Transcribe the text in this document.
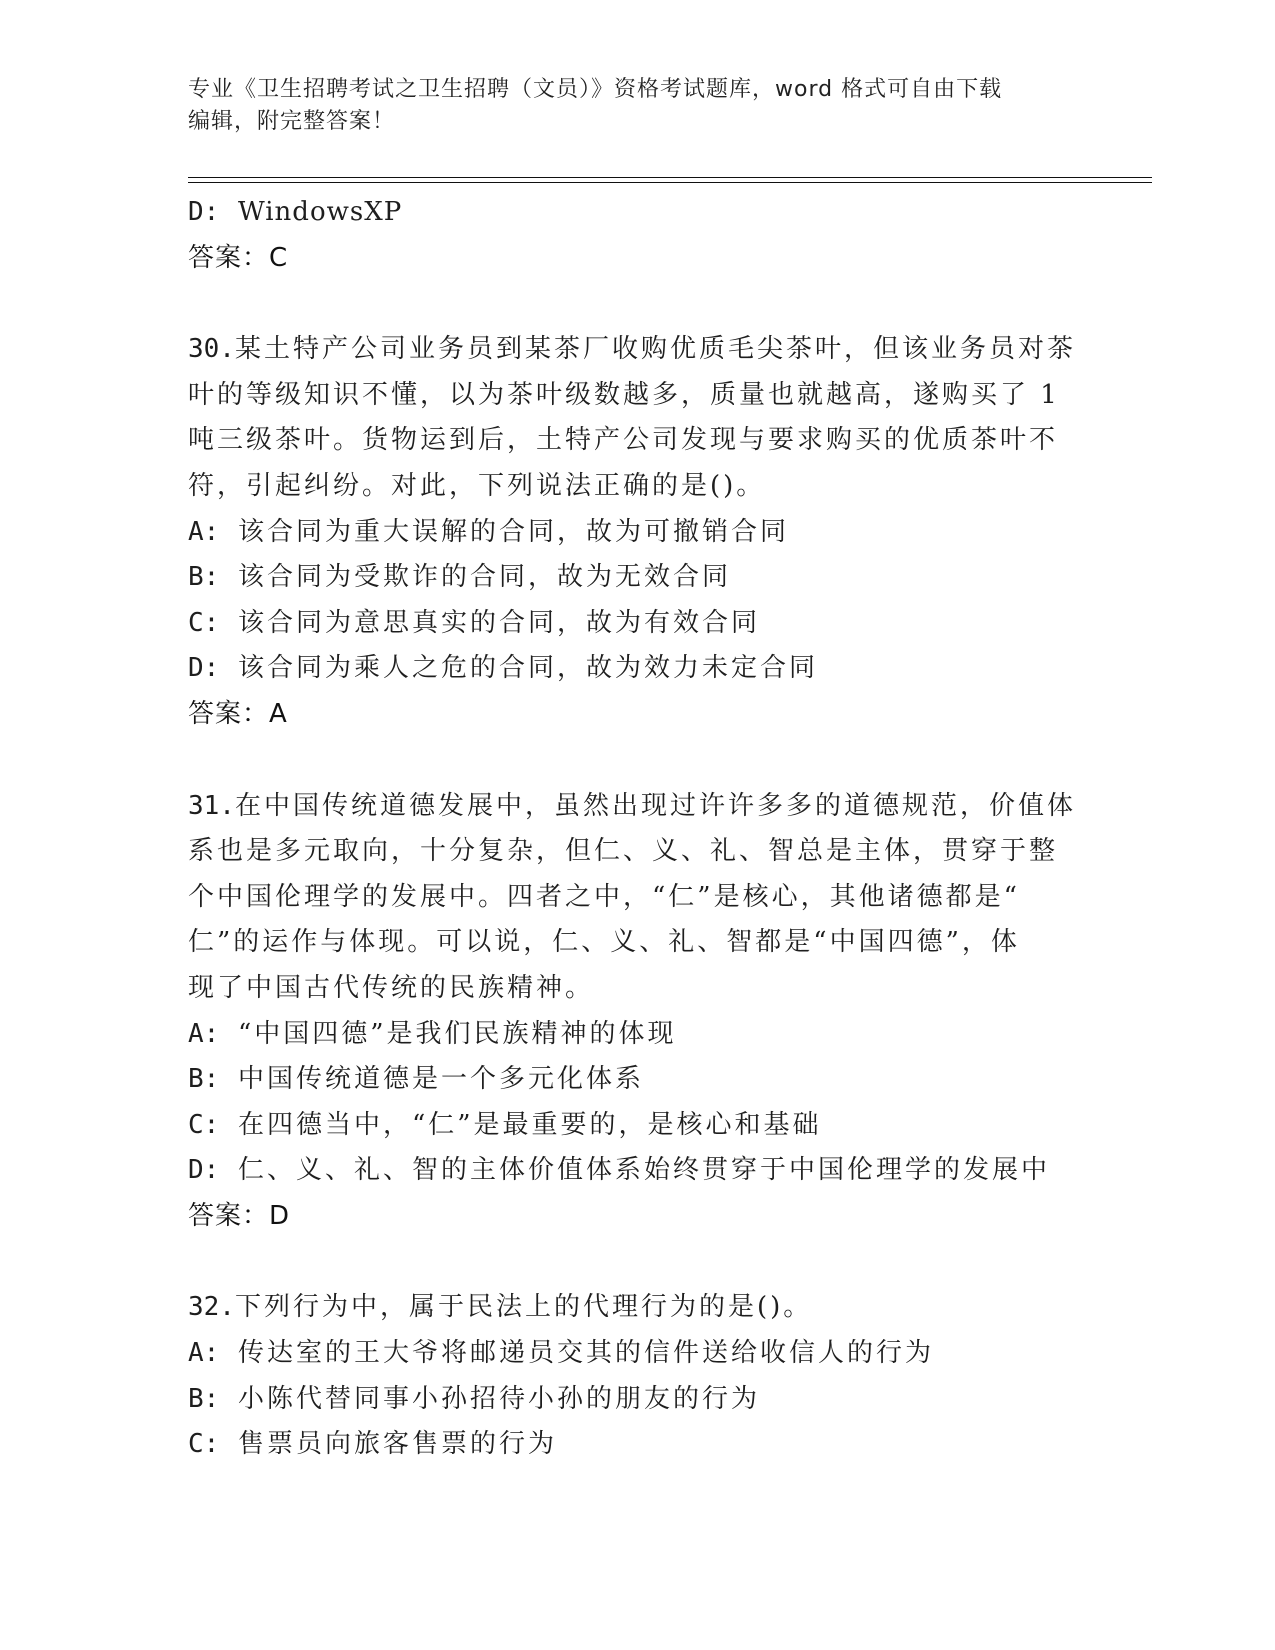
专业《卫生招聘考试之卫生招聘（文员）》资格考试题库，word 格式可自由下载
编辑，附完整答案！
D: WindowsXP
答案：C
30.某土特产公司业务员到某茶厂收购优质毛尖茶叶，但该业务员对茶
叶的等级知识不懂，以为茶叶级数越多，质量也就越高，遂购买了 1
吨三级茶叶。货物运到后，土特产公司发现与要求购买的优质茶叶不
符，引起纠纷。对此，下列说法正确的是()。
A: 该合同为重大误解的合同，故为可撤销合同
B: 该合同为受欺诈的合同，故为无效合同
C: 该合同为意思真实的合同，故为有效合同
D: 该合同为乘人之危的合同，故为效力未定合同
答案：A
31.在中国传统道德发展中，虽然出现过许许多多的道德规范，价值体
系也是多元取向，十分复杂，但仁、义、礼、智总是主体，贯穿于整
个中国伦理学的发展中。四者之中，“仁”是核心，其他诸德都是“
仁”的运作与体现。可以说，仁、义、礼、智都是“中国四德”，体
现了中国古代传统的民族精神。
A: “中国四德”是我们民族精神的体现
B: 中国传统道德是一个多元化体系
C: 在四德当中，“仁”是最重要的，是核心和基础
D: 仁、义、礼、智的主体价值体系始终贯穿于中国伦理学的发展中
答案：D
32.下列行为中，属于民法上的代理行为的是()。
A: 传达室的王大爷将邮递员交其的信件送给收信人的行为
B: 小陈代替同事小孙招待小孙的朋友的行为
C: 售票员向旅客售票的行为
